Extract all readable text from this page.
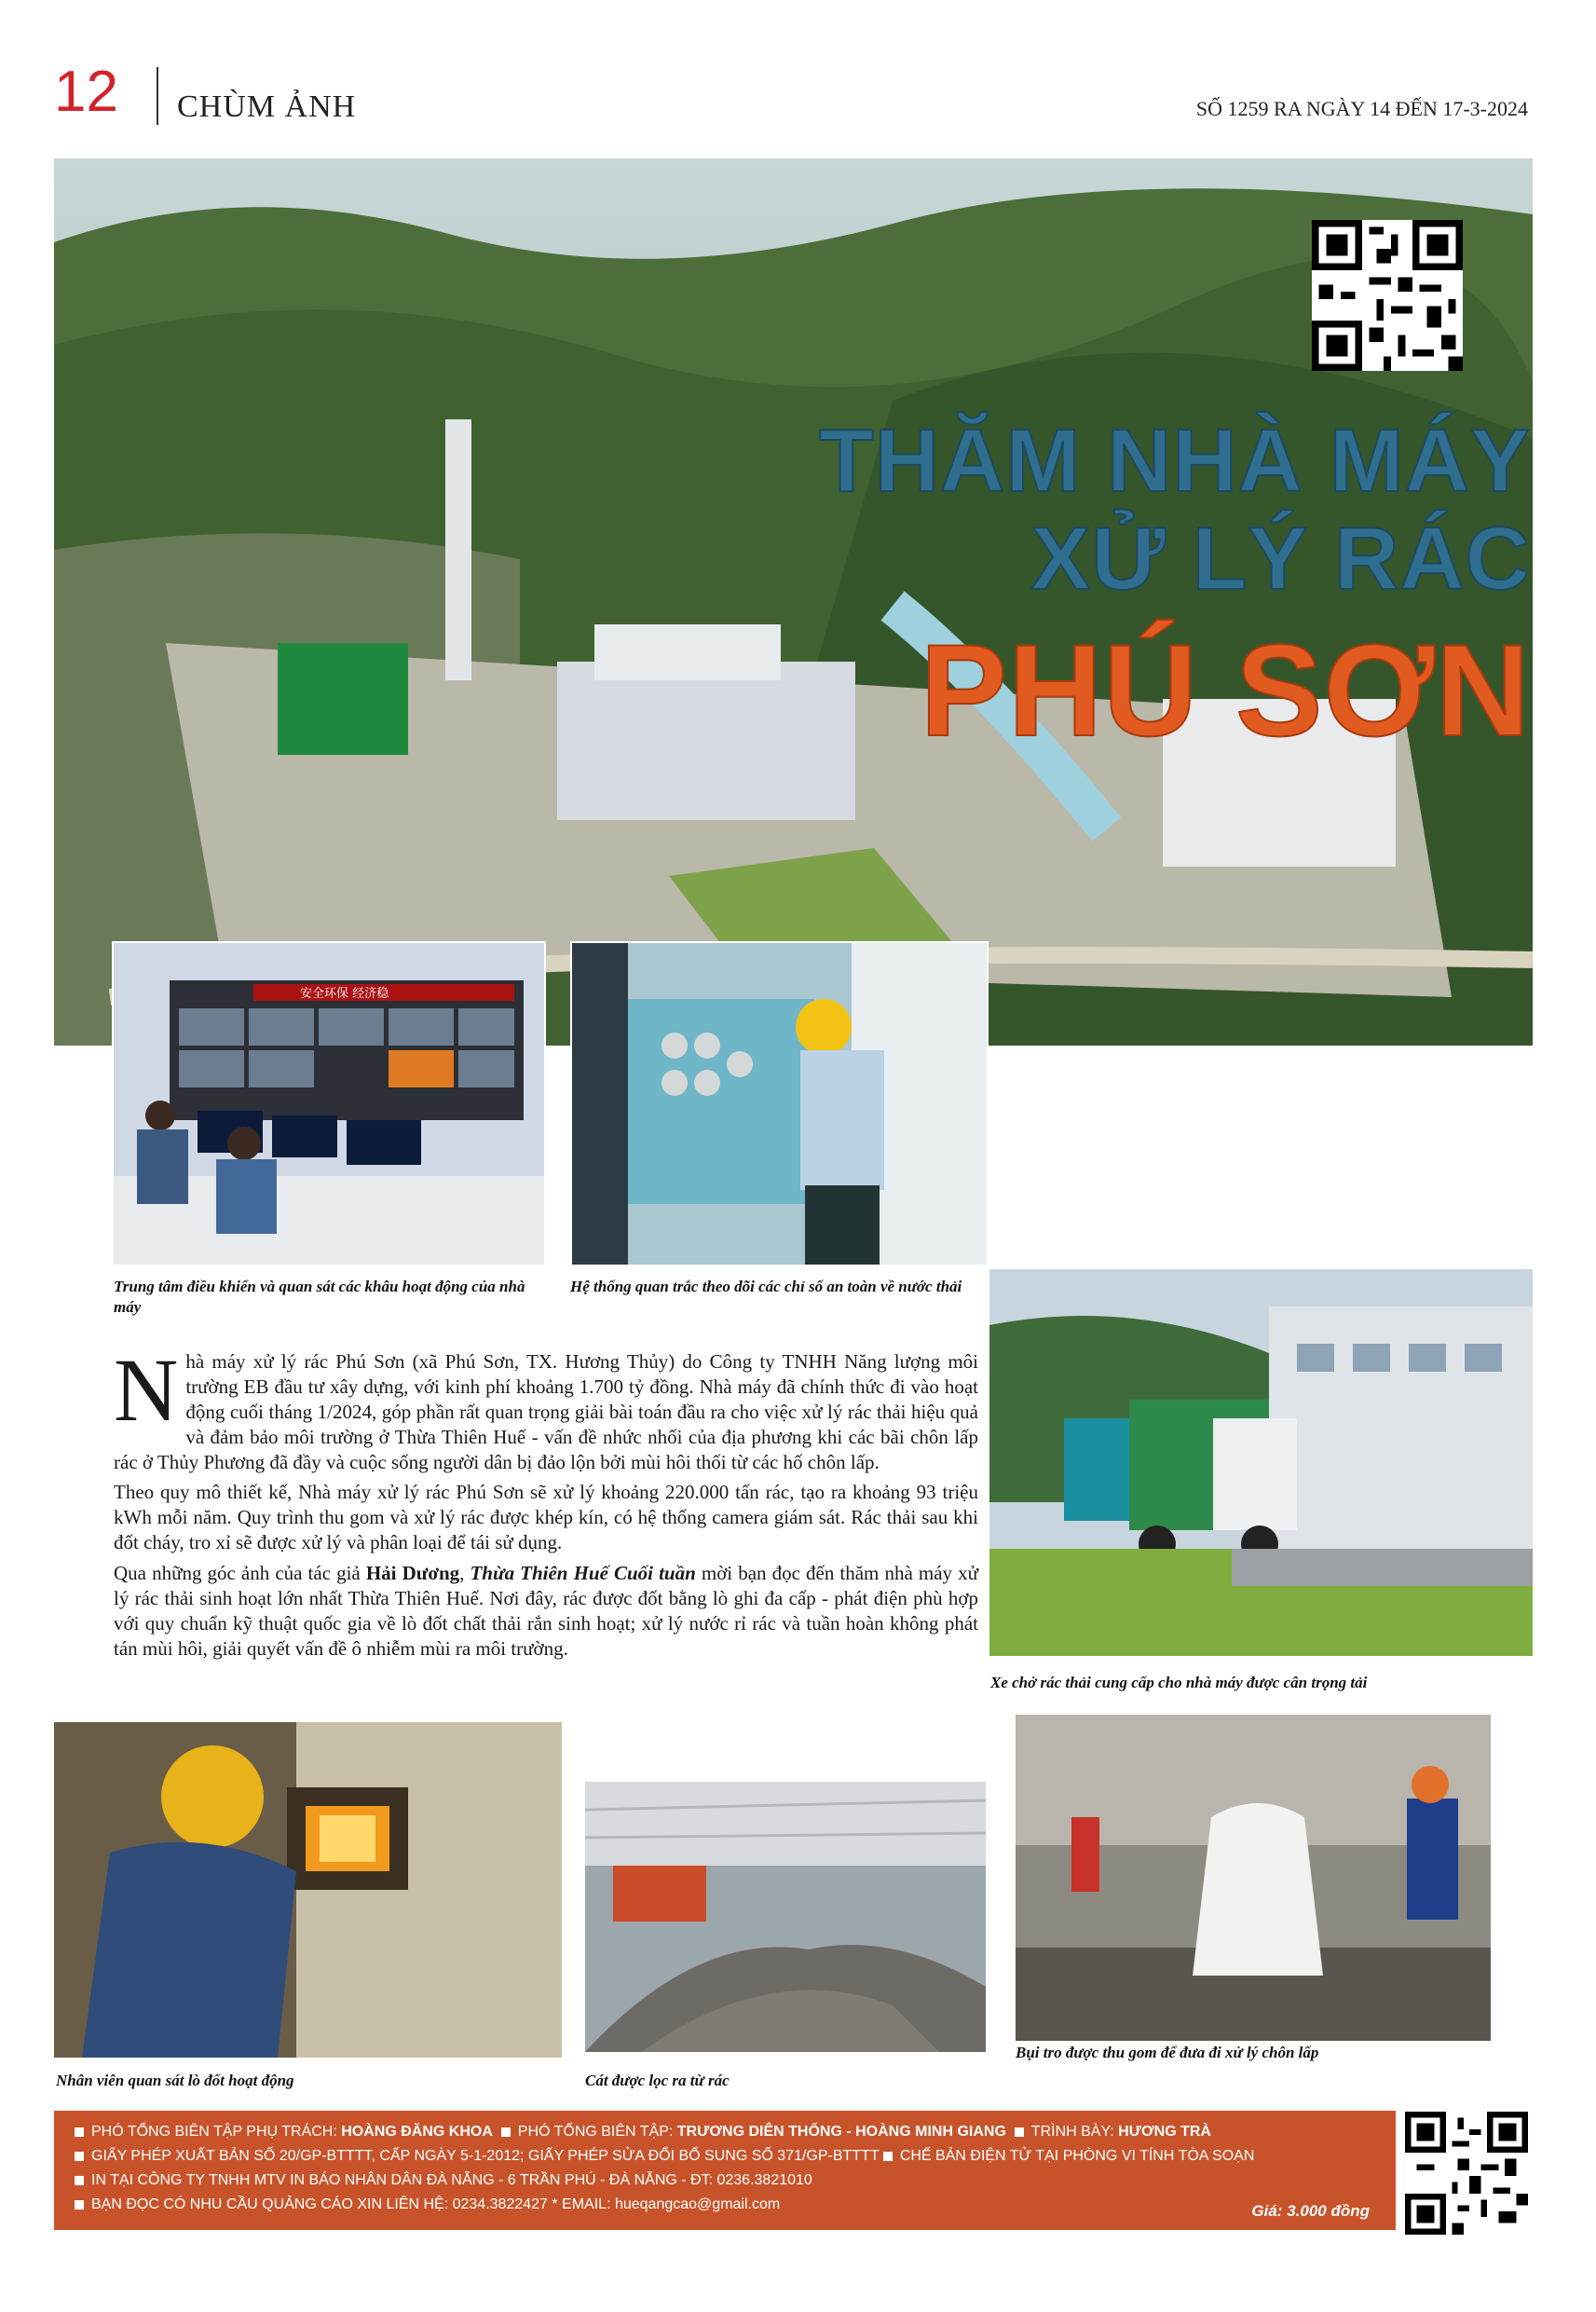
12 CHÙM ẢNH	SỐ 1259 RA NGÀY 14 ĐẾN 17-3-2024
THĂM NHÀ MÁY
XỬ LÝ RÁC
PHÚ SƠN
安全环保 经济稳
Trung tâm điều khiển và quan sát các khâu hoạt động của nhà máy
Hệ thống quan trắc theo dõi các chỉ số an toàn về nước thải
Xe chở rác thải cung cấp cho nhà máy được cân trọng tải

Nhà máy xử lý rác Phú Sơn (xã Phú Sơn, TX. Hương Thủy) do Công ty TNHH Năng lượng môi trường EB đầu tư xây dựng, với kinh phí khoảng 1.700 tỷ đồng. Nhà máy đã chính thức đi vào hoạt động cuối tháng 1/2024, góp phần rất quan trọng giải bài toán đầu ra cho việc xử lý rác thải hiệu quả và đảm bảo môi trường ở Thừa Thiên Huế - vấn đề nhức nhối của địa phương khi các bãi chôn lấp rác ở Thủy Phương đã đầy và cuộc sống người dân bị đảo lộn bởi mùi hôi thối từ các hố chôn lấp.

Theo quy mô thiết kế, Nhà máy xử lý rác Phú Sơn sẽ xử lý khoảng 220.000 tấn rác, tạo ra khoảng 93 triệu kWh mỗi năm. Quy trình thu gom và xử lý rác được khép kín, có hệ thống camera giám sát. Rác thải sau khi đốt cháy, tro xỉ sẽ được xử lý và phân loại để tái sử dụng.

Qua những góc ảnh của tác giả Hải Dương, Thừa Thiên Huế Cuối tuần mời bạn đọc đến thăm nhà máy xử lý rác thải sinh hoạt lớn nhất Thừa Thiên Huế. Nơi đây, rác được đốt bằng lò ghi đa cấp - phát điện phù hợp với quy chuẩn kỹ thuật quốc gia về lò đốt chất thải rắn sinh hoạt; xử lý nước rỉ rác và tuần hoàn không phát tán mùi hôi, giải quyết vấn đề ô nhiễm mùi ra môi trường.

Nhân viên quan sát lò đốt hoạt động	Cát được lọc ra từ rác
Bụi tro được thu gom để đưa đi xử lý chôn lấp
PHÓ TỔNG BIÊN TẬP PHỤ TRÁCH: HOÀNG ĐĂNG KHOA PHÓ TỔNG BIÊN TẬP: TRƯƠNG DIÊN THỐNG - HOÀNG MINH GIANG TRÌNH BÀY: HƯƠNG TRÀ
GIẤY PHÉP XUẤT BẢN SỐ 20/GP-BTTTT, CẤP NGÀY 5-1-2012; GIẤY PHÉP SỬA ĐỔI BỔ SUNG SỐ 371/GP-BTTTT CHẾ BẢN ĐIỆN TỬ TẠI PHÒNG VI TÍNH TÒA SOẠN
IN TẠI CÔNG TY TNHH MTV IN BÁO NHÂN DÂN ĐÀ NẴNG - 6 TRẦN PHÚ - ĐÀ NẴNG - ĐT: 0236.3821010
BẠN ĐỌC CÓ NHU CẦU QUẢNG CÁO XIN LIÊN HỆ: 0234.3822427 * EMAIL: hueqangcao@gmail.com	Giá: 3.000 đồng
